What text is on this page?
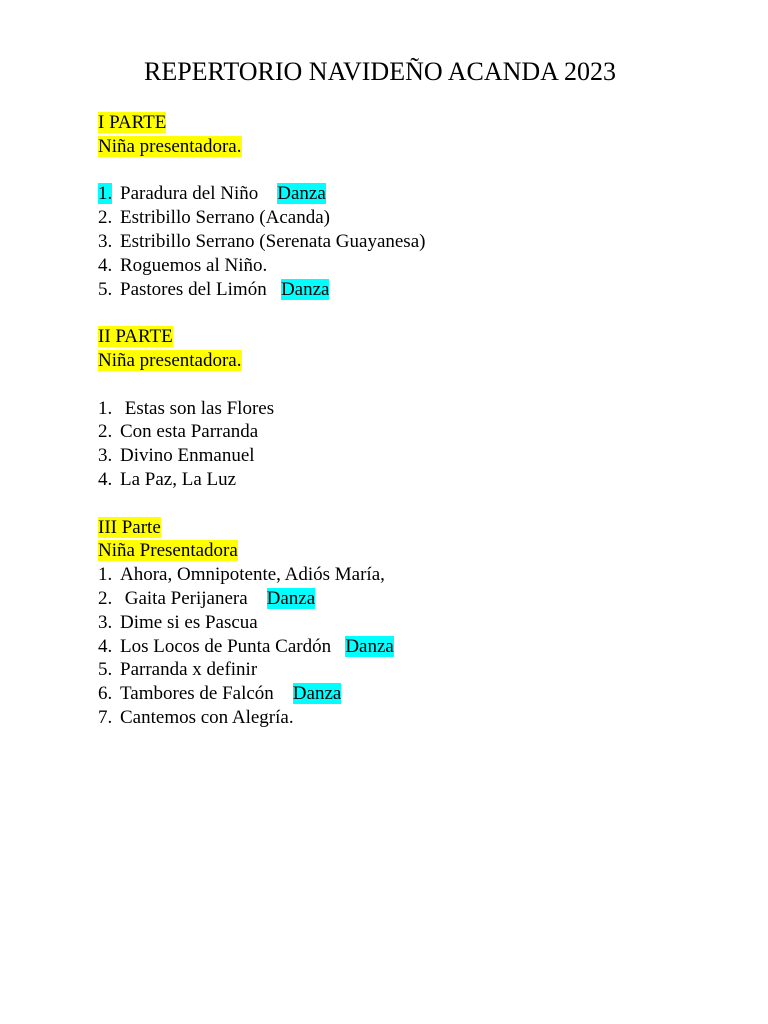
REPERTORIO NAVIDEÑO ACANDA 2023
I PARTE
Niña presentadora.
1. Paradura del Niño Danza
2. Estribillo Serrano (Acanda)
3. Estribillo Serrano (Serenata Guayanesa)
4. Roguemos al Niño.
5. Pastores del Limón Danza
II PARTE
Niña presentadora.
1. Estas son las Flores
2. Con esta Parranda
3. Divino Enmanuel
4. La Paz, La Luz
III Parte
Niña Presentadora
1. Ahora, Omnipotente, Adiós María,
2. Gaita Perijanera Danza
3. Dime si es Pascua
4. Los Locos de Punta Cardón Danza
5. Parranda x definir
6. Tambores de Falcón Danza
7. Cantemos con Alegría.
